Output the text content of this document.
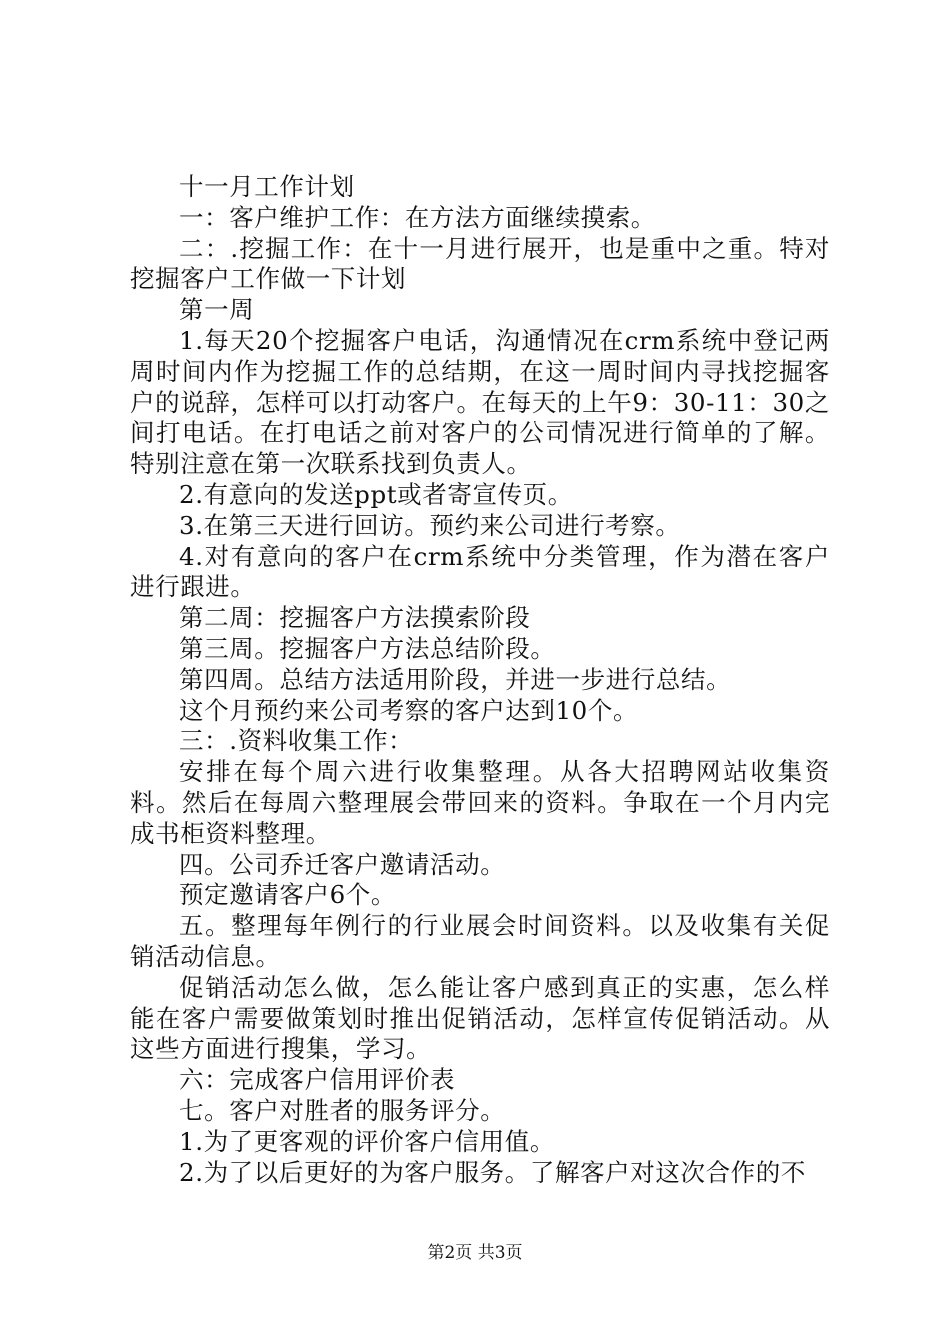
十一月工作计划

一：客户维护工作：在方法方面继续摸索。

二：.挖掘工作：在十一月进行展开，也是重中之重。特对挖掘客户工作做一下计划

第一周

1.每天20个挖掘客户电话，沟通情况在crm系统中登记两周时间内作为挖掘工作的总结期，在这一周时间内寻找挖掘客户的说辞，怎样可以打动客户。在每天的上午9：30-11：30之间打电话。在打电话之前对客户的公司情况进行简单的了解。特别注意在第一次联系找到负责人。

2.有意向的发送ppt或者寄宣传页。

3.在第三天进行回访。预约来公司进行考察。

4.对有意向的客户在crm系统中分类管理，作为潜在客户进行跟进。

第二周：挖掘客户方法摸索阶段

第三周。挖掘客户方法总结阶段。

第四周。总结方法适用阶段，并进一步进行总结。

这个月预约来公司考察的客户达到10个。

三：.资料收集工作：

安排在每个周六进行收集整理。从各大招聘网站收集资料。然后在每周六整理展会带回来的资料。争取在一个月内完成书柜资料整理。

四。公司乔迁客户邀请活动。

预定邀请客户6个。

五。整理每年例行的行业展会时间资料。以及收集有关促销活动信息。

促销活动怎么做，怎么能让客户感到真正的实惠，怎么样能在客户需要做策划时推出促销活动，怎样宣传促销活动。从这些方面进行搜集，学习。

六：完成客户信用评价表

七。客户对胜者的服务评分。

1.为了更客观的评价客户信用值。

2.为了以后更好的为客户服务。了解客户对这次合作的不

第2页 共3页
